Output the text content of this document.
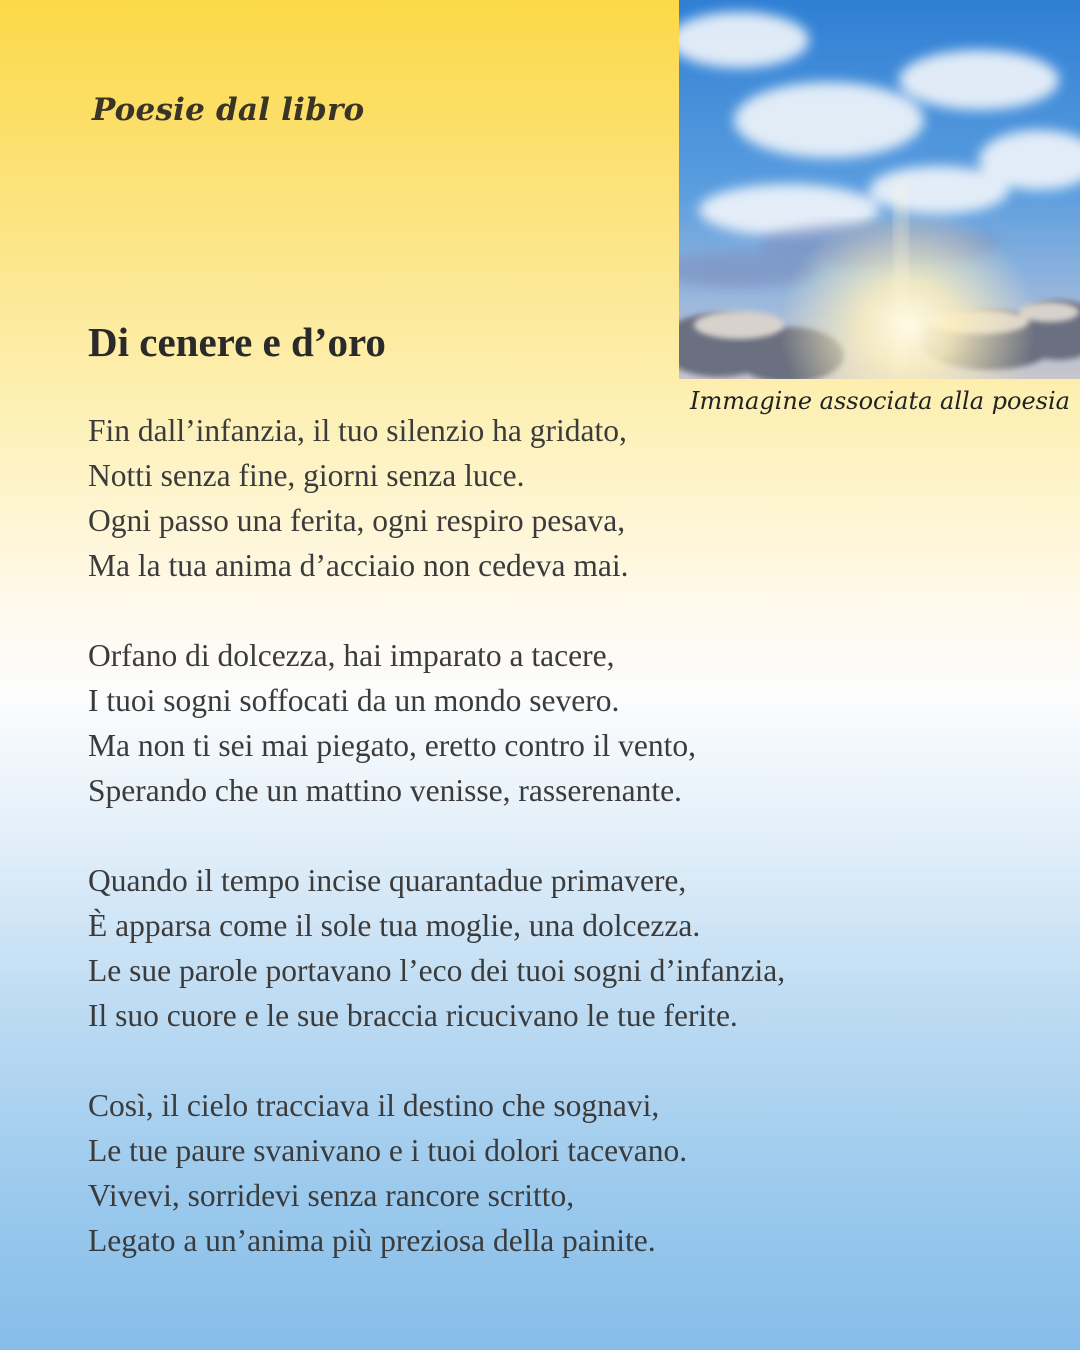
Poesie dal libro

Immagine associata alla poesia

Di cenere e d’oro
Fin dall’infanzia, il tuo silenzio ha gridato,
Notti senza fine, giorni senza luce.
Ogni passo una ferita, ogni respiro pesava,
Ma la tua anima d’acciaio non cedeva mai.
Orfano di dolcezza, hai imparato a tacere,
I tuoi sogni soffocati da un mondo severo.
Ma non ti sei mai piegato, eretto contro il vento,
Sperando che un mattino venisse, rasserenante.
Quando il tempo incise quarantadue primavere,
È apparsa come il sole tua moglie, una dolcezza.
Le sue parole portavano l’eco dei tuoi sogni d’infanzia,
Il suo cuore e le sue braccia ricucivano le tue ferite.
Così, il cielo tracciava il destino che sognavi,
Le tue paure svanivano e i tuoi dolori tacevano.
Vivevi, sorridevi senza rancore scritto,
Legato a un’anima più preziosa della painite.
